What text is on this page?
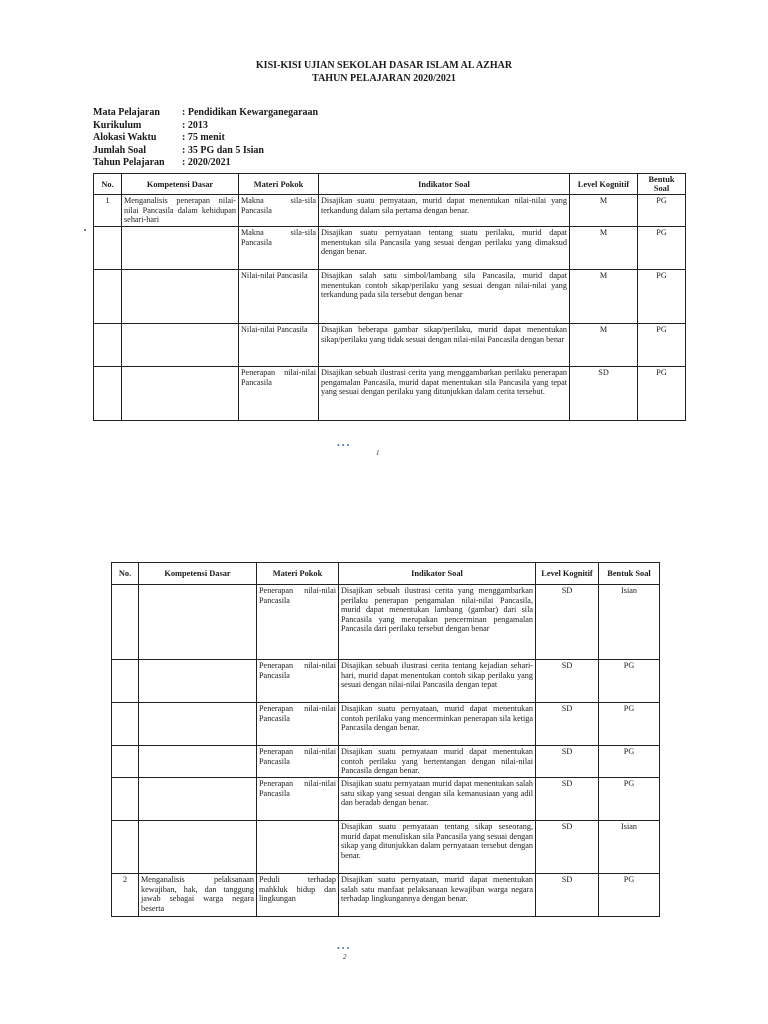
KISI-KISI UJIAN SEKOLAH DASAR ISLAM AL AZHAR
TAHUN PELAJARAN 2020/2021
Mata Pelajaran	: Pendidikan Kewarganegaraan
Kurikulum	: 2013
Alokasi Waktu	: 75 menit
Jumlah Soal	: 35 PG dan 5 Isian
Tahun Pelajaran	: 2020/2021
No.	Kompetensi Dasar	Materi Pokok	Indikator Soal	Level Kognitif	Bentuk Soal
1	Menganalisis penerapan nilai-nilai Pancasila dalam kehidupan sehari-hari	Makna sila-sila Pancasila	Disajikan suatu pernyataan, murid dapat menentukan nilai-nilai yang terkandung dalam sila pertama dengan benar.	M	PG
		Makna sila-sila Pancasila	Disajikan suatu pernyataan tentang suatu perilaku, murid dapat menentukan sila Pancasila yang sesuai dengan perilaku yang dimaksud dengan benar.	M	PG
		Nilai-nilai Pancasila	Disajikan salah satu simbol/lambang sila Pancasila, murid dapat menentukan contoh sikap/perilaku yang sesuai dengan nilai-nilai yang terkandung pada sila tersebut dengan benar	M	PG
		Nilai-nilai Pancasila	Disajikan beberapa gambar sikap/perilaku, murid dapat menentukan sikap/perilaku yang tidak sesuai dengan nilai-nilai Pancasila dengan benar	M	PG
		Penerapan nilai-nilai Pancasila	Disajikan sebuah ilustrasi cerita yang menggambarkan perilaku penerapan pengamalan Pancasila, murid dapat menentukan sila Pancasila yang tepat yang sesuai dengan perilaku yang ditunjukkan dalam cerita tersebut.	SD	PG
• • •
1
No.	Kompetensi Dasar	Materi Pokok	Indikator Soal	Level Kognitif	Bentuk Soal
		Penerapan nilai-nilai Pancasila	Disajikan sebuah ilustrasi cerita yang menggambarkan perilaku penerapan pengamalan nilai-nilai Pancasila, murid dapat menentukan lambang (gambar) dari sila Pancasila yang merupakan pencerminan pengamalan Pancasila dari perilaku tersebut dengan benar	SD	Isian
		Penerapan nilai-nilai Pancasila	Disajikan sebuah ilustrasi cerita tentang kejadian sehari-hari, murid dapat menentukan contoh sikap perilaku yang sesuai dengan nilai-nilai Pancasila dengan tepat	SD	PG
		Penerapan nilai-nilai Pancasila	Disajikan suatu pernyataan, murid dapat menentukan contoh perilaku yang mencerminkan penerapan sila ketiga Pancasila dengan benar.	SD	PG
		Penerapan nilai-nilai Pancasila	Disajikan suatu pernyataan murid dapat menentukan contoh perilaku yang bertentangan dengan nilai-nilai Pancasila dengan benar.	SD	PG
		Penerapan nilai-nilai Pancasila	Disajikan suatu pernyataan murid dapat menentukan salah satu sikap yang sesuai dengan sila kemanusiaan yang adil dan beradab dengan benar.	SD	PG
			Disajikan suatu pernyataan tentang sikap seseorang, murid dapat menuliskan sila Pancasila yang sesuai dengan sikap yang ditunjukkan dalam pernyataan tersebut dengan benar.	SD	Isian
2	Menganalisis pelaksanaan kewajiban, hak, dan tanggung jawab sebagai warga negara beserta	Peduli terhadap mahkluk hidup dan lingkungan	Disajikan suatu pernyataan, murid dapat menentukan salah satu manfaat pelaksanaan kewajiban warga negara terhadap lingkungannya dengan benar.	SD	PG
• • •
2
